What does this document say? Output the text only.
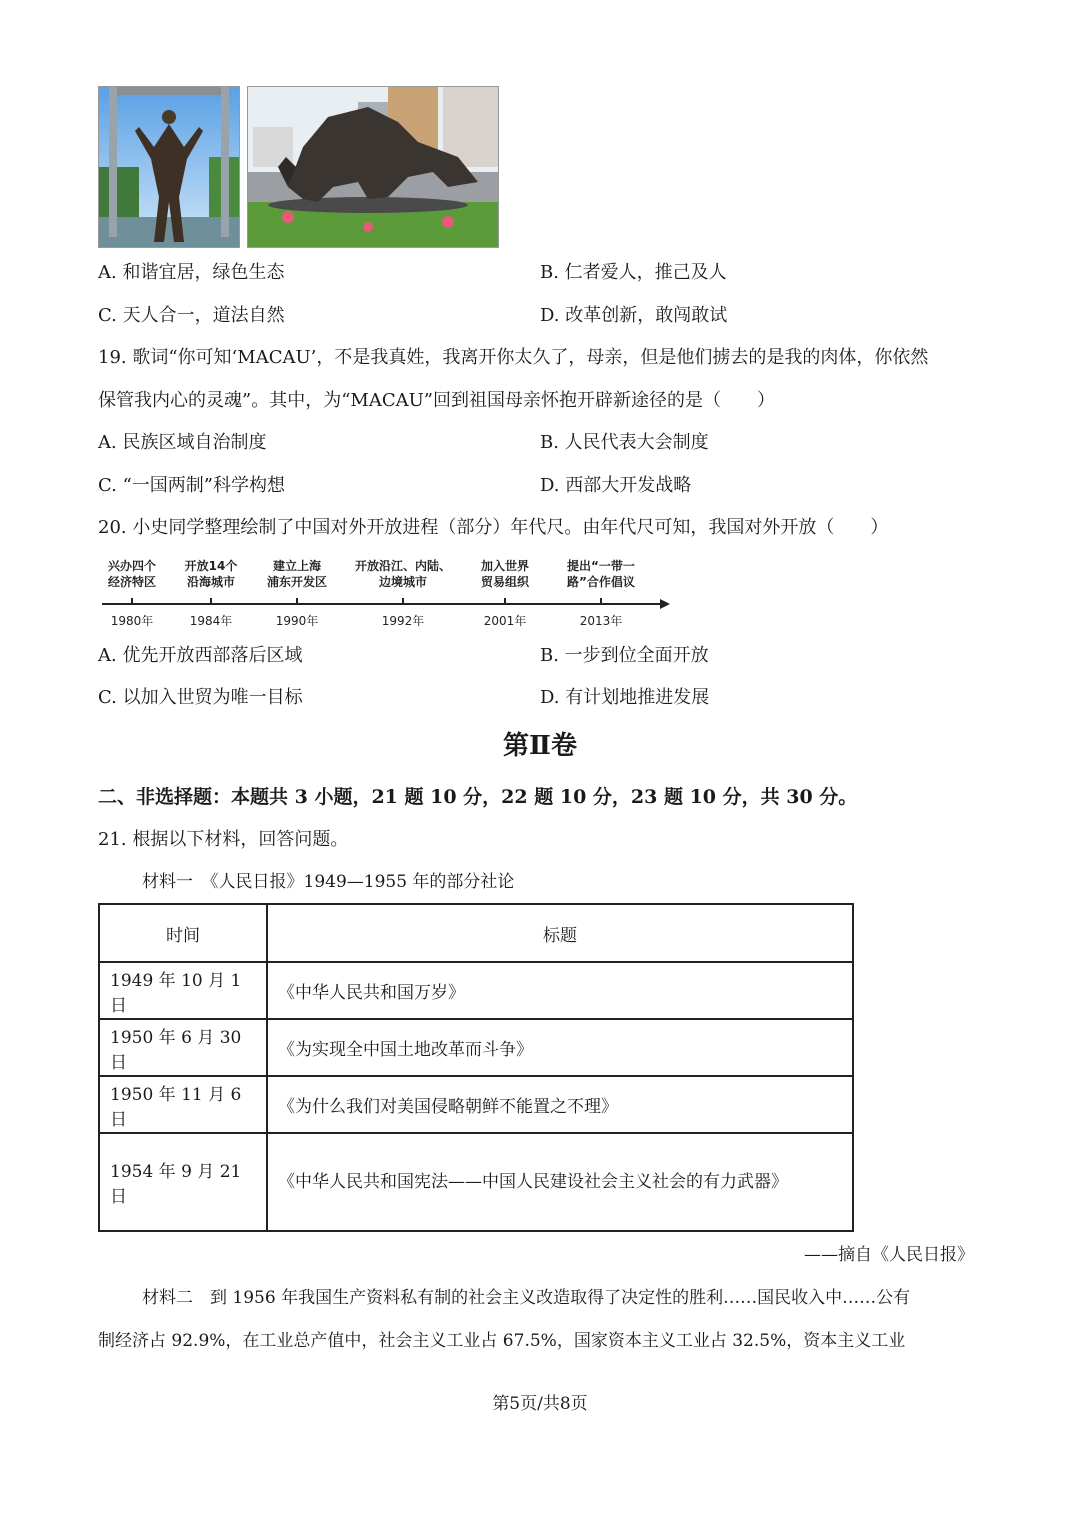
A. 和谐宜居，绿色生态	B. 仁者爱人，推己及人
C. 天人合一，道法自然	D. 改革创新，敢闯敢试
19. 歌词“你可知‘MACAU’，不是我真姓，我离开你太久了，母亲，但是他们掳去的是我的肉体，你依然
保管我内心的灵魂”。其中，为“MACAU”回到祖国母亲怀抱开辟新途径的是（　　）
A. 民族区域自治制度	B. 人民代表大会制度
C. “一国两制”科学构想	D. 西部大开发战略
20. 小史同学整理绘制了中国对外开放进程（部分）年代尺。由年代尺可知，我国对外开放（　　）
兴办四个
经济特区
1980年
开放14个
沿海城市
1984年
建立上海
浦东开发区
1990年
开放沿江、内陆、
边境城市
1992年
加入世界
贸易组织
2001年
提出“一带一
路”合作倡议
2013年
A. 优先开放西部落后区域	B. 一步到位全面开放
C. 以加入世贸为唯一目标	D. 有计划地推进发展
第Ⅱ卷
二、非选择题：本题共 3 小题，21 题 10 分，22 题 10 分，23 题 10 分，共 30 分。
21. 根据以下材料，回答问题。
材料一　《人民日报》1949—1955 年的部分社论
时间	标题
1949 年 10 月 1 日	《中华人民共和国万岁》
1950 年 6 月 30 日	《为实现全中国土地改革而斗争》
1950 年 11 月 6 日	《为什么我们对美国侵略朝鲜不能置之不理》
1954 年 9 月 21 日	《中华人民共和国宪法——中国人民建设社会主义社会的有力武器》
——摘自《人民日报》
材料二　到 1956 年我国生产资料私有制的社会主义改造取得了决定性的胜利……国民收入中……公有
制经济占 92.9%，在工业总产值中，社会主义工业占 67.5%，国家资本主义工业占 32.5%，资本主义工业
第5页/共8页
